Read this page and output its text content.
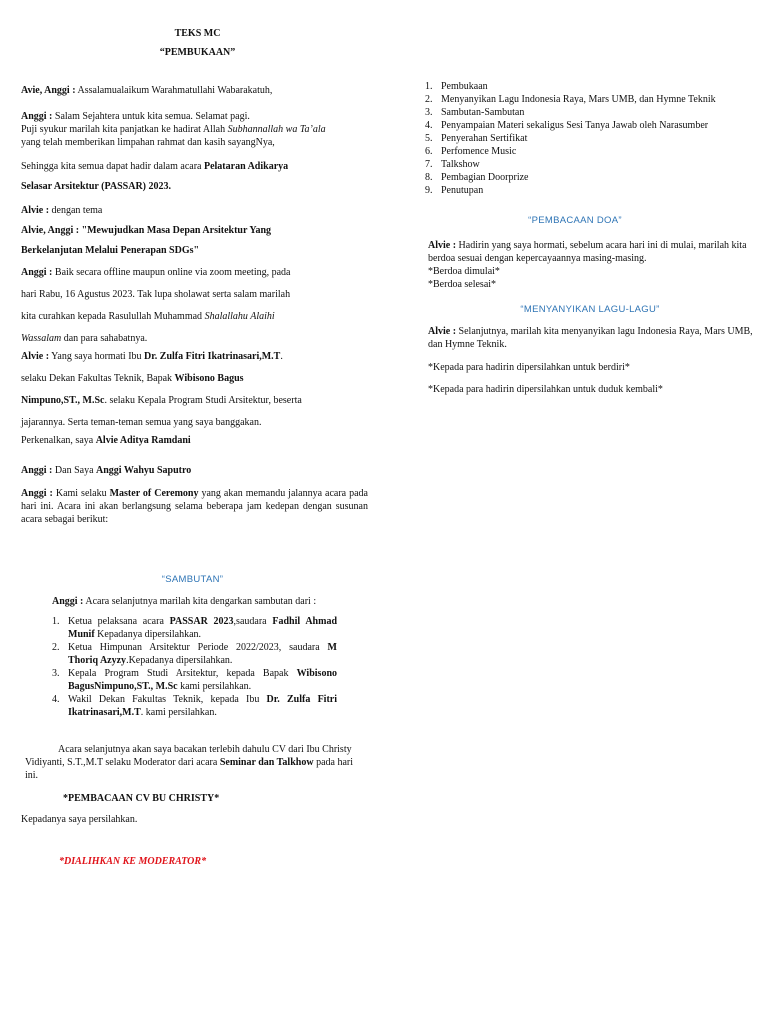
TEKS MC
“PEMBUKAAN”
Avie, Anggi : Assalamualaikum Warahmatullahi Wabarakatuh,
Anggi : Salam Sejahtera untuk kita semua. Selamat pagi.
Puji syukur marilah kita panjatkan ke hadirat Allah Subhannallah wa Ta’ala
yang telah memberikan limpahan rahmat dan kasih sayangNya,
Sehingga kita semua dapat hadir dalam acara Pelataran Adikarya
Selasar Arsitektur (PASSAR) 2023.
Alvie : dengan tema
Alvie, Anggi : "Mewujudkan Masa Depan Arsitektur Yang
Berkelanjutan Melalui Penerapan SDGs"
Anggi : Baik secara offline maupun online via zoom meeting, pada
hari Rabu, 16 Agustus 2023. Tak lupa sholawat serta salam marilah
kita curahkan kepada Rasulullah Muhammad Shalallahu Alaihi
Wassalam dan para sahabatnya.
Alvie : Yang saya hormati Ibu Dr. Zulfa Fitri Ikatrinasari,M.T.
selaku Dekan Fakultas Teknik, Bapak Wibisono Bagus
Nimpuno,ST., M.Sc. selaku Kepala Program Studi Arsitektur, beserta
jajarannya. Serta teman-teman semua yang saya banggakan.
Perkenalkan, saya Alvie Aditya Ramdani
Anggi : Dan Saya Anggi Wahyu Saputro
Anggi : Kami selaku Master of Ceremony yang akan memandu jalannya acara pada hari ini. Acara ini akan berlangsung selama beberapa jam kedepan dengan susunan acara sebagai berikut:
“SAMBUTAN”
Anggi : Acara selanjutnya marilah kita dengarkan sambutan dari :
1. Ketua pelaksana acara PASSAR 2023,saudara Fadhil Ahmad Munif Kepadanya dipersilahkan.
2. Ketua Himpunan Arsitektur Periode 2022/2023, saudara M Thoriq Azyzy.Kepadanya dipersilahkan.
3. Kepala Program Studi Arsitektur, kepada Bapak Wibisono BagusNimpuno,ST., M.Sc kami persilahkan.
4. Wakil Dekan Fakultas Teknik, kepada Ibu Dr. Zulfa Fitri Ikatrinasari,M.T. kami persilahkan.
Acara selanjutnya akan saya bacakan terlebih dahulu CV dari Ibu Christy Vidiyanti, S.T.,M.T selaku Moderator dari acara Seminar dan Talkhow pada hari ini.
*PEMBACAAN CV BU CHRISTY*
Kepadanya saya persilahkan.
*DIALIHKAN KE MODERATOR*
1. Pembukaan
2. Menyanyikan Lagu Indonesia Raya, Mars UMB, dan Hymne Teknik
3. Sambutan-Sambutan
4. Penyampaian Materi sekaligus Sesi Tanya Jawab oleh Narasumber
5. Penyerahan Sertifikat
6. Perfomence Music
7. Talkshow
8. Pembagian Doorprize
9. Penutupan
“PEMBACAAN DOA”
Alvie : Hadirin yang saya hormati, sebelum acara hari ini di mulai, marilah kita berdoa sesuai dengan kepercayaannya masing-masing.
*Berdoa dimulai*
*Berdoa selesai*
“MENYANYIKAN LAGU-LAGU”
Alvie : Selanjutnya, marilah kita menyanyikan lagu Indonesia Raya, Mars UMB, dan Hymne Teknik.
*Kepada para hadirin dipersilahkan untuk berdiri*
*Kepada para hadirin dipersilahkan untuk duduk kembali*
